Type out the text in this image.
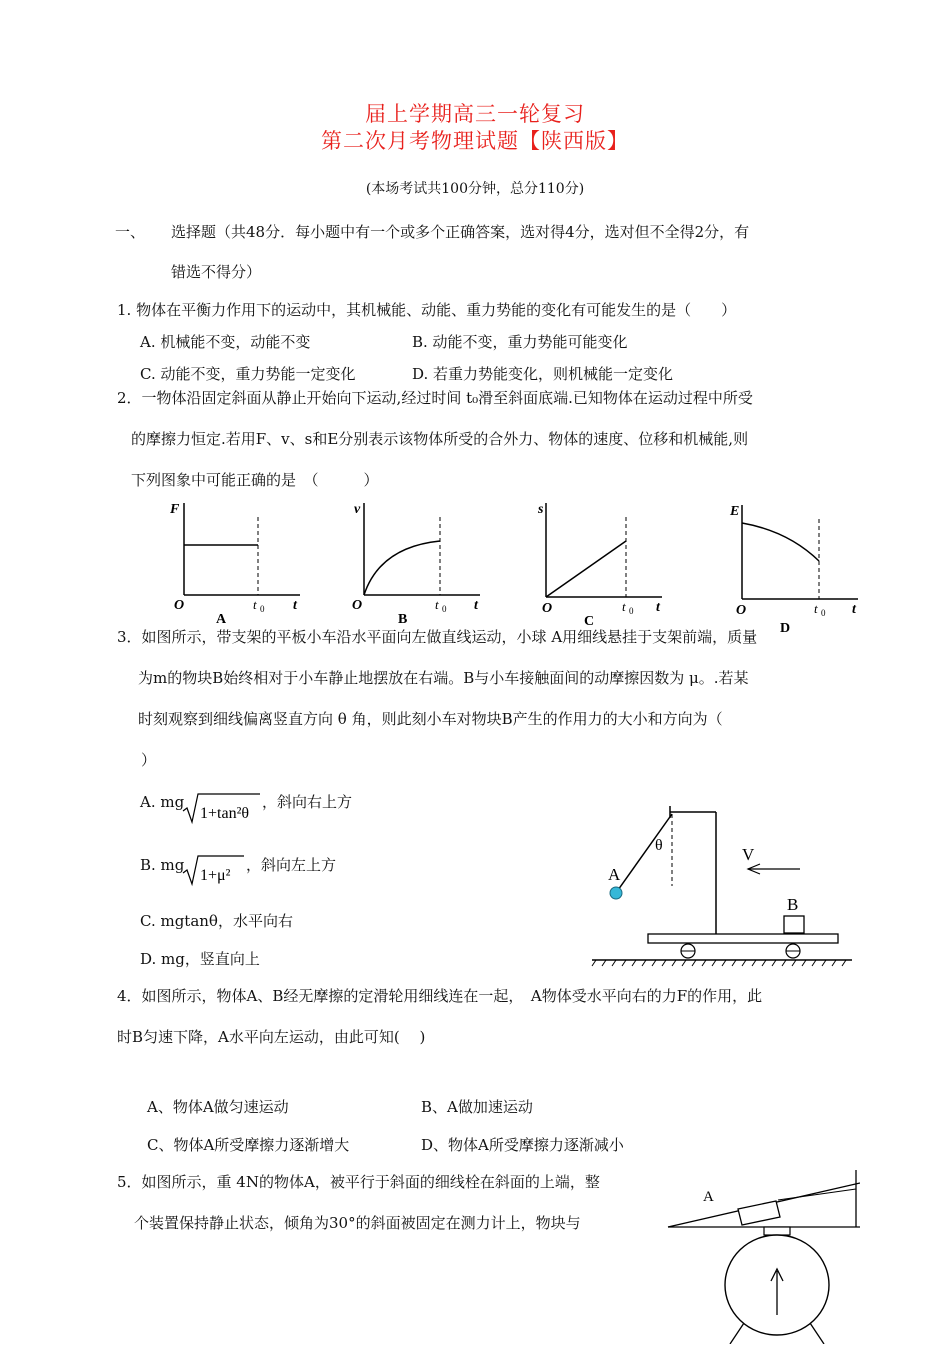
届上学期高三一轮复习
第二次月考物理试题【陕西版】
(本场考试共100分钟，总分110分)
一、 选择题（共48分．每小题中有一个或多个正确答案，选对得4分，选对但不全得2分，有
错选不得分）
1. 物体在平衡力作用下的运动中，其机械能、动能、重力势能的变化有可能发生的是（　　）
A. 机械能不变，动能不变	B. 动能不变，重力势能可能变化
C. 动能不变，重力势能一定变化	D. 若重力势能变化，则机械能一定变化
2．一物体沿固定斜面从静止开始向下运动,经过时间 t₀滑至斜面底端.已知物体在运动过程中所受
的摩擦力恒定.若用F、v、s和E分别表示该物体所受的合外力、物体的速度、位移和机械能,则
下列图象中可能正确的是　（　　　）
F
O	t 0 t
A
v
O	t 0 t
B
s
O	t 0 t
C
E
O	t 0 t
D
3．如图所示，带支架的平板小车沿水平面向左做直线运动，小球 A用细线悬挂于支架前端，质量
为m的物块B始终相对于小车静止地摆放在右端。B与小车接触面间的动摩擦因数为 μ。.若某
时刻观察到细线偏离竖直方向 θ 角，则此刻小车对物块B产生的作用力的大小和方向为（
）
A. mg
1+tan²θ
，斜向右上方
B. mg
1+μ²
，斜向左上方
C. mgtanθ，水平向右
D. mg，竖直向上
θ
A
V
B
4．如图所示，物体A、B经无摩擦的定滑轮用细线连在一起，　A物体受水平向右的力F的作用，此
时B匀速下降，A水平向左运动，由此可知(　 )
A、物体A做匀速运动	B、A做加速运动
C、物体A所受摩擦力逐渐增大	D、物体A所受摩擦力逐渐减小
5．如图所示，重 4N的物体A，被平行于斜面的细线栓在斜面的上端，整
个装置保持静止状态，倾角为30°的斜面被固定在测力计上，物块与
A
